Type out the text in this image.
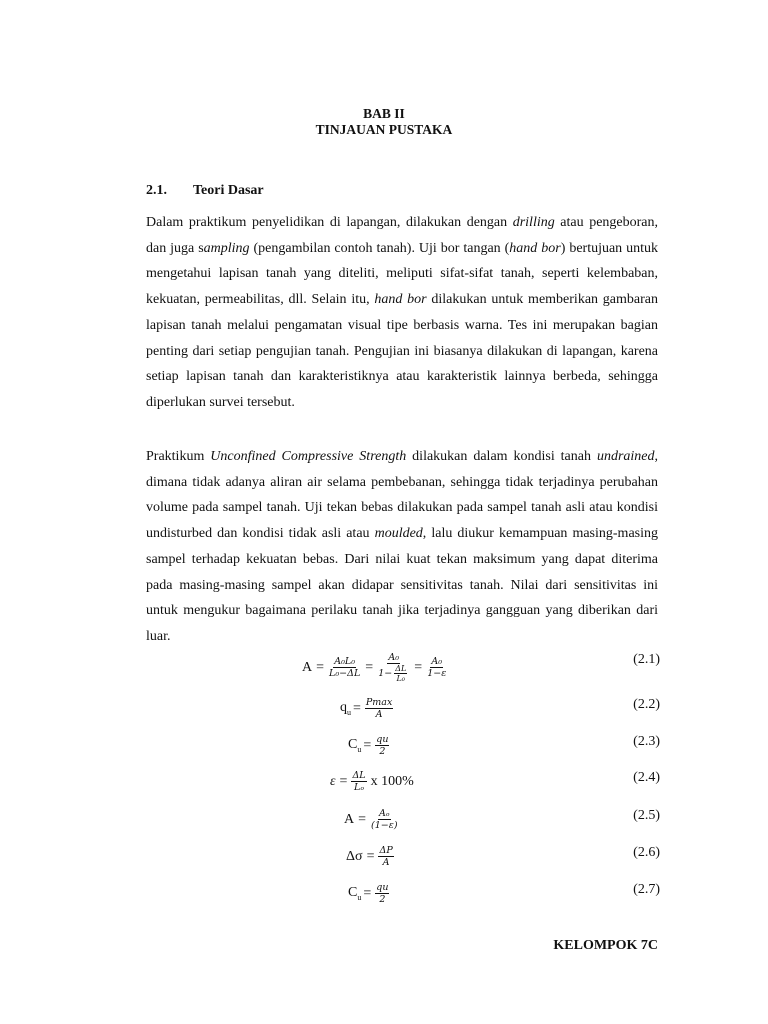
BAB II
TINJAUAN PUSTAKA
2.1. Teori Dasar

Dalam praktikum penyelidikan di lapangan, dilakukan dengan drilling atau pengeboran, dan juga sampling (pengambilan contoh tanah). Uji bor tangan (hand bor) bertujuan untuk mengetahui lapisan tanah yang diteliti, meliputi sifat-sifat tanah, seperti kelembaban, kekuatan, permeabilitas, dll. Selain itu, hand bor dilakukan untuk memberikan gambaran lapisan tanah melalui pengamatan visual tipe berbasis warna. Tes ini merupakan bagian penting dari setiap pengujian tanah. Pengujian ini biasanya dilakukan di lapangan, karena setiap lapisan tanah dan karakteristiknya atau karakteristik lainnya berbeda, sehingga diperlukan survei tersebut.

Praktikum Unconfined Compressive Strength dilakukan dalam kondisi tanah undrained, dimana tidak adanya aliran air selama pembebanan, sehingga tidak terjadinya perubahan volume pada sampel tanah. Uji tekan bebas dilakukan pada sampel tanah asli atau kondisi undisturbed dan kondisi tidak asli atau moulded, lalu diukur kemampuan masing-masing sampel terhadap kekuatan bebas. Dari nilai kuat tekan maksimum yang dapat diterima pada masing-masing sampel akan didapar sensitivitas tanah. Nilai dari sensitivitas ini untuk mengukur bagaimana perilaku tanah jika terjadinya gangguan yang diberikan dari luar.

$A = \frac{\text{A₀L₀}}{\text{L₀−ΔL}} = \frac{\text{A₀}}{1- \frac{\Delta L}{\text{L₀}}} = \frac{\text{A₀}}{1-\varepsilon}$	(2.1)
$q_u = \frac{Pmax}{A}$	(2.2)
$C_u = \frac{qu}{2}$	(2.3)
$\varepsilon = \frac{\Delta L}{\text{Lₒ}}$ x 100%	(2.4)
$A = \frac{\text{Aₒ}}{(1-\varepsilon)}$	(2.5)
$\Delta\sigma = \frac{\Delta P}{A}$	(2.6)
$C_u = \frac{qu}{2}$	(2.7)
KELOMPOK 7C
